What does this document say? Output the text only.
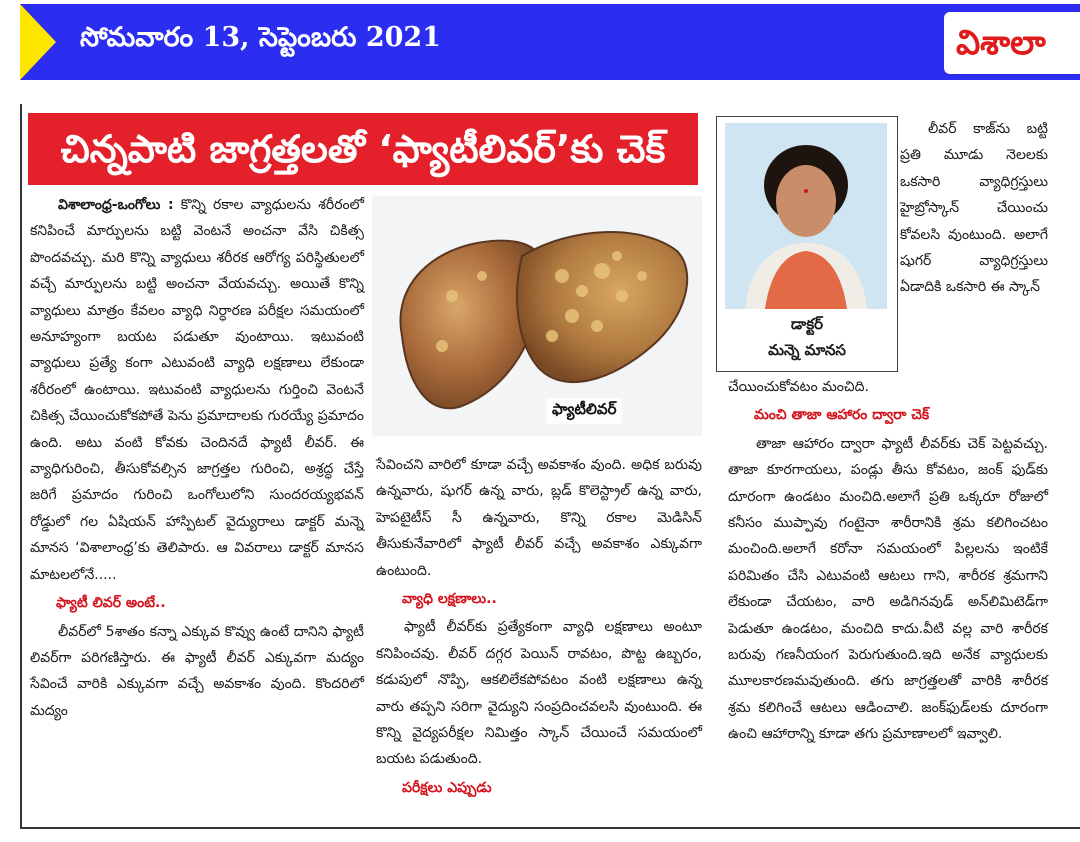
సోమవారం 13, సెప్టెంబరు 2021	విశాలా
చిన్నపాటి జాగ్రత్తలతో ‘ఫ్యాటీలివర్’కు చెక్

విశాలాంధ్ర-ఒంగోలు : కొన్ని రకాల వ్యాధులను శరీరంలో కనిపించే మార్పులను బట్టి వెంటనే అంచనా వేసి చికిత్స పొందవచ్చు. మరి కొన్ని వ్యాధులు శరీరక ఆరోగ్య పరిస్థితులలో వచ్చే మార్పులను బట్టి అంచనా వేయవచ్చు. అయితే కొన్ని వ్యాధులు మాత్రం కేవలం వ్యాధి నిర్ధారణ పరీక్షల సమయంలో అనూహ్యంగా బయట పడుతూ వుంటాయి. ఇటువంటి వ్యాధులు ప్రత్యే కంగా ఎటువంటి వ్యాధి లక్షణాలు లేకుండా శరీరంలో ఉంటాయి. ఇటువంటి వ్యాధులను గుర్తించి వెంటనే చికిత్స చేయించుకోకపోతే పెను ప్రమాదాలకు గురయ్యే ప్రమాదం ఉంది. అటు వంటి కోవకు చెందినదే ఫ్యాటీ లీవర్. ఈ వ్యాధిగురించి, తీసుకోవల్సిన జాగ్రత్తల గురించి, అశ్రద్ధ చేస్తే జరిగే ప్రమాదం గురించి ఒంగోలులోని సుందరయ్యభవన్ రోడ్డులో గల ఏషియన్ హాస్పిటల్ వైద్యురాలు డాక్టర్ మన్నె మానస ‘విశాలాంధ్ర’కు తెలిపారు. ఆ వివరాలు డాక్టర్ మానస మాటలలోనే.....

ఫ్యాటీ లివర్ అంటే..

లీవర్‌లో 5శాతం కన్నా ఎక్కువ కొవ్వు ఉంటే దానిని ఫ్యాటీ లివర్‌గా పరిగణిస్తారు. ఈ ఫ్యాటీ లీవర్ ఎక్కువగా మద్యం సేవించే వారికి ఎక్కువగా వచ్చే అవకాశం వుంది. కొందరిలో మద్యం

ఫ్యాటీలివర్

సేవించని వారిలో కూడా వచ్చే అవకాశం వుంది. అధిక బరువు ఉన్నవారు, షుగర్ ఉన్న వారు, బ్లడ్ కొలెస్ట్రాల్ ఉన్న వారు, హెపటైటీస్ సీ ఉన్నవారు, కొన్ని రకాల మెడిసిన్ తీసుకునేవారిలో ఫ్యాటీ లీవర్ వచ్చే అవకాశం ఎక్కువగా ఉంటుంది.

వ్యాధి లక్షణాలు..

ఫ్యాటీ లీవర్‌కు ప్రత్యేకంగా వ్యాధి లక్షణాలు అంటూ కనిపించవు. లీవర్ దగ్గర పెయిన్ రావటం, పొట్ట ఉబ్బరం, కడుపులో నొప్పి, ఆకలిలేకపోవటం వంటి లక్షణాలు ఉన్న వారు తప్పని సరిగా వైద్యుని సంప్రదించవలసి వుంటుంది. ఈ కొన్ని వైద్యపరీక్షల నిమిత్తం స్కాన్ చేయించే సమయంలో బయట పడుతుంది.

పరీక్షలు ఎప్పుడు
డాక్టర్
మన్నె మానస

లీవర్ కాజ్‌ను బట్టి ప్రతి మూడు నెలలకు ఒకసారి వ్యాధిగ్రస్తులు హైబ్రోస్కాన్ చేయించు కోవలసి వుంటుంది. అలాగే షుగర్ వ్యాధిగ్రస్తులు ఏడాదికి ఒకసారి ఈ స్కాన్

చేయించుకోవటం మంచిది.

మంచి తాజా ఆహారం ద్వారా చెక్

తాజా ఆహారం ద్వారా ఫ్యాటీ లీవర్‌కు చెక్ పెట్టవచ్చు. తాజా కూరగాయలు, పండ్లు తీసు కోవటం, జంక్ ఫుడ్‌కు దూరంగా ఉండటం మంచిది.అలాగే ప్రతి ఒక్కరూ రోజులో కనీసం ముప్పావు గంటైనా శారీరానికి శ్రమ కలిగించటం మంచింది.అలాగే కరోనా సమయంలో పిల్లలను ఇంటికే పరిమితం చేసి ఎటువంటి ఆటలు గాని, శారీరక శ్రమగాని లేకుండా చేయటం, వారి అడిగినవుడ్ అన్‌లిమిటెడ్‌గా పెడుతూ ఉండటం, మంచిది కాదు.వీటి వల్ల వారి శారీరక బరువు గణనీయంగ పెరుగుతుంది.ఇది అనేక వ్యాధులకు మూలకారణమవుతుంది. తగు జాగ్రత్తలతో వారికి శారీరక శ్రమ కలిగించే ఆటలు ఆడించాలి. జంక్‌ఫుడ్‌లకు దూరంగా ఉంచి ఆహారాన్ని కూడా తగు ప్రమాణాలలో ఇవ్వాలి.
